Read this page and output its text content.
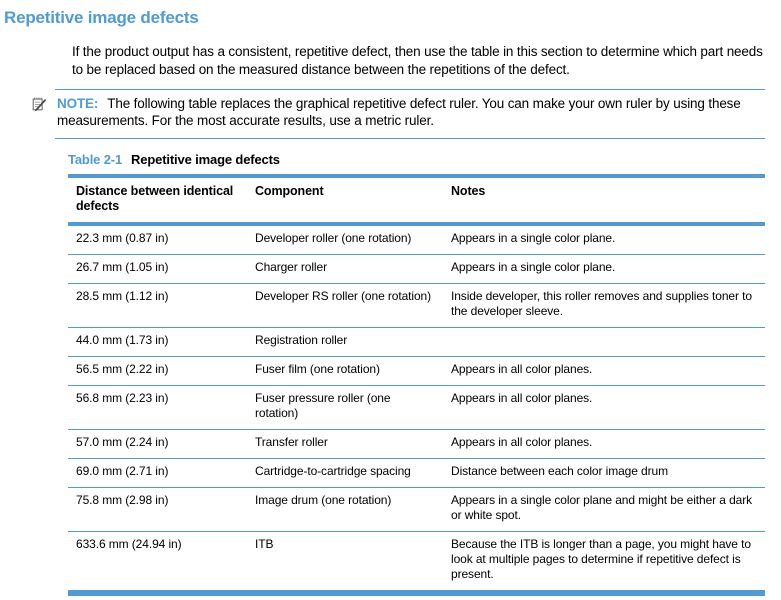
Repetitive image defects

If the product output has a consistent, repetitive defect, then use the table in this section to determine which part needs to be replaced based on the measured distance between the repetitions of the defect.

NOTE: The following table replaces the graphical repetitive defect ruler. You can make your own ruler by using these measurements. For the most accurate results, use a metric ruler.
Table 2-1 Repetitive image defects
Distance between identical defects	Component	Notes
22.3 mm (0.87 in)	Developer roller (one rotation)	Appears in a single color plane.
26.7 mm (1.05 in)	Charger roller	Appears in a single color plane.
28.5 mm (1.12 in)	Developer RS roller (one rotation)	Inside developer, this roller removes and supplies toner to the developer sleeve.
44.0 mm (1.73 in)	Registration roller	
56.5 mm (2.22 in)	Fuser film (one rotation)	Appears in all color planes.
56.8 mm (2.23 in)	Fuser pressure roller (one rotation)	Appears in all color planes.
57.0 mm (2.24 in)	Transfer roller	Appears in all color planes.
69.0 mm (2.71 in)	Cartridge-to-cartridge spacing	Distance between each color image drum
75.8 mm (2.98 in)	Image drum (one rotation)	Appears in a single color plane and might be either a dark or white spot.
633.6 mm (24.94 in)	ITB	Because the ITB is longer than a page, you might have to look at multiple pages to determine if repetitive defect is present.
